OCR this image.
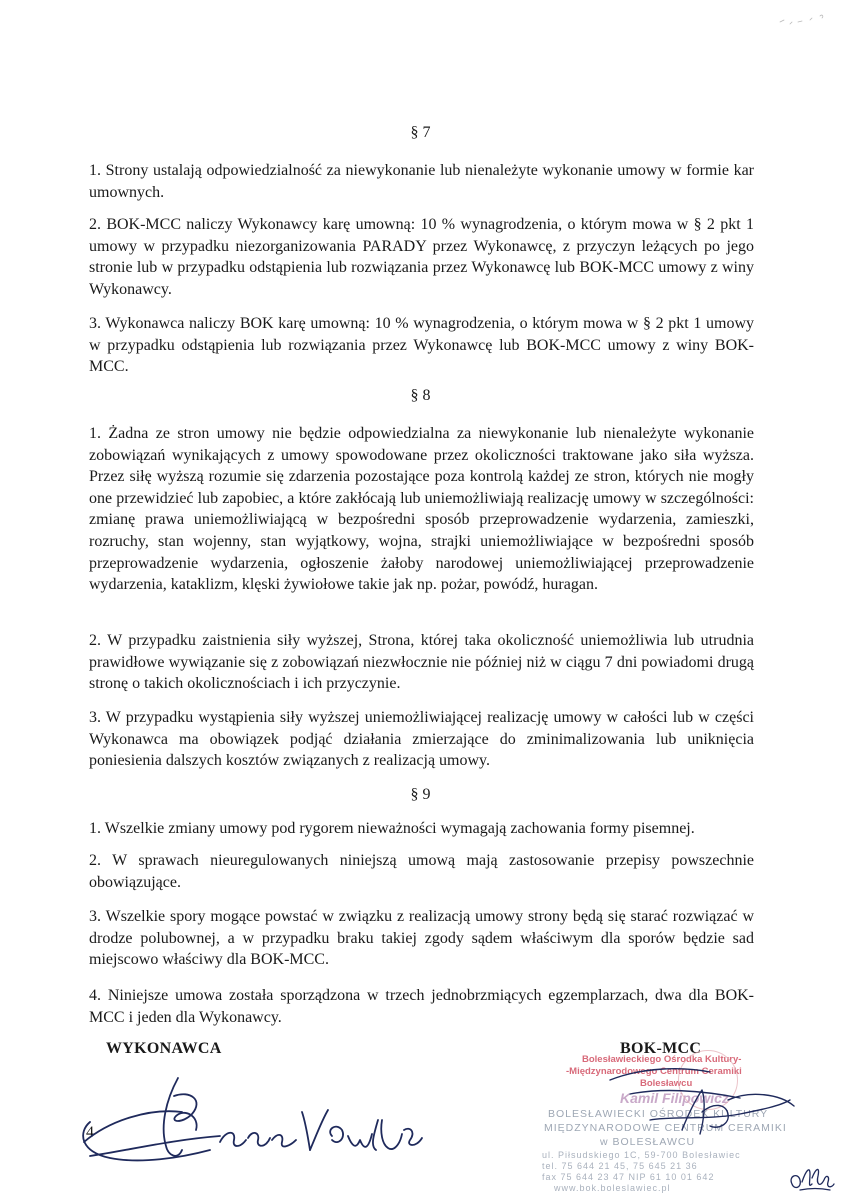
§ 7
1. Strony ustalają odpowiedzialność za niewykonanie lub nienależyte wykonanie umowy w formie kar umownych.
2. BOK-MCC naliczy Wykonawcy karę umowną: 10 % wynagrodzenia, o którym mowa w § 2 pkt 1 umowy w przypadku niezorganizowania PARADY przez Wykonawcę, z przyczyn leżących po jego stronie lub w przypadku odstąpienia lub rozwiązania przez Wykonawcę lub BOK-MCC umowy z winy Wykonawcy.
3. Wykonawca naliczy BOK karę umowną: 10 % wynagrodzenia, o którym mowa w § 2 pkt 1 umowy w przypadku odstąpienia lub rozwiązania przez Wykonawcę lub BOK-MCC umowy z winy BOK-MCC.
§ 8
1. Żadna ze stron umowy nie będzie odpowiedzialna za niewykonanie lub nienależyte wykonanie zobowiązań wynikających z umowy spowodowane przez okoliczności traktowane jako siła wyższa. Przez siłę wyższą rozumie się zdarzenia pozostające poza kontrolą każdej ze stron, których nie mogły one przewidzieć lub zapobiec, a które zakłócają lub uniemożliwiają realizację umowy w szczególności: zmianę prawa uniemożliwiającą w bezpośredni sposób przeprowadzenie wydarzenia, zamieszki, rozruchy, stan wojenny, stan wyjątkowy, wojna, strajki uniemożliwiające w bezpośredni sposób przeprowadzenie wydarzenia, ogłoszenie żałoby narodowej uniemożliwiającej przeprowadzenie wydarzenia, kataklizm, klęski żywiołowe takie jak np. pożar, powódź, huragan.
2. W przypadku zaistnienia siły wyższej, Strona, której taka okoliczność uniemożliwia lub utrudnia prawidłowe wywiązanie się z zobowiązań niezwłocznie nie później niż w ciągu 7 dni powiadomi drugą stronę o takich okolicznościach i ich przyczynie.
3. W przypadku wystąpienia siły wyższej uniemożliwiającej realizację umowy w całości lub w części Wykonawca ma obowiązek podjąć działania zmierzające do zminimalizowania lub uniknięcia poniesienia dalszych kosztów związanych z realizacją umowy.
§ 9
1. Wszelkie zmiany umowy pod rygorem nieważności wymagają zachowania formy pisemnej.
2. W sprawach nieuregulowanych niniejszą umową mają zastosowanie przepisy powszechnie obowiązujące.
3. Wszelkie spory mogące powstać w związku z realizacją umowy strony będą się starać rozwiązać w drodze polubownej, a w przypadku braku takiej zgody sądem właściwym dla sporów będzie sad miejscowo właściwy dla BOK-MCC.
4. Niniejsze umowa została sporządzona w trzech jednobrzmiących egzemplarzach, dwa dla BOK-MCC i jeden dla Wykonawcy.
WYKONAWCA	BOK-MCC
4
Bolesławieckiego Ośrodka Kultury-
-Międzynarodowego Centrum Ceramiki
Bolesławcu
Kamil Filipowicz
BOLESŁAWIECKI OŚRODEK KULTURY
MIĘDZYNARODOWE CENTRUM CERAMIKI
w BOLESŁAWCU
ul. Piłsudskiego 1C, 59-700 Bolesławiec
tel. 75 644 21 45, 75 645 21 36
fax 75 644 23 47 NIP 61 10 01 642
www.bok.boleslawiec.pl
